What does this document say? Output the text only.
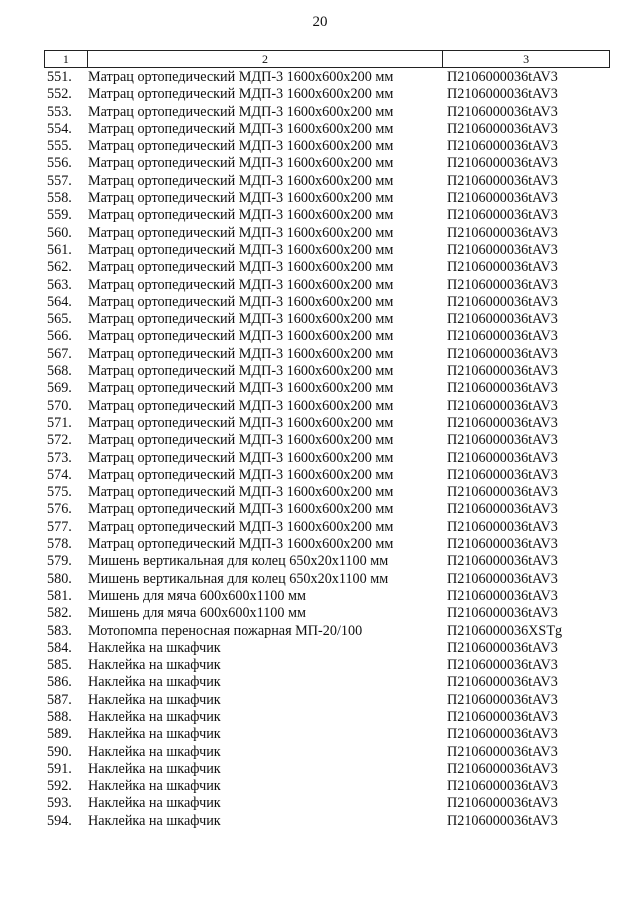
20
1	2	3
551.	Матрац ортопедический МДП-3 1600x600x200 мм	П2106000036tAV3
552.	Матрац ортопедический МДП-3 1600x600x200 мм	П2106000036tAV3
553.	Матрац ортопедический МДП-3 1600x600x200 мм	П2106000036tAV3
554.	Матрац ортопедический МДП-3 1600x600x200 мм	П2106000036tAV3
555.	Матрац ортопедический МДП-3 1600x600x200 мм	П2106000036tAV3
556.	Матрац ортопедический МДП-3 1600x600x200 мм	П2106000036tAV3
557.	Матрац ортопедический МДП-3 1600x600x200 мм	П2106000036tAV3
558.	Матрац ортопедический МДП-3 1600x600x200 мм	П2106000036tAV3
559.	Матрац ортопедический МДП-3 1600x600x200 мм	П2106000036tAV3
560.	Матрац ортопедический МДП-3 1600x600x200 мм	П2106000036tAV3
561.	Матрац ортопедический МДП-3 1600x600x200 мм	П2106000036tAV3
562.	Матрац ортопедический МДП-3 1600x600x200 мм	П2106000036tAV3
563.	Матрац ортопедический МДП-3 1600x600x200 мм	П2106000036tAV3
564.	Матрац ортопедический МДП-3 1600x600x200 мм	П2106000036tAV3
565.	Матрац ортопедический МДП-3 1600x600x200 мм	П2106000036tAV3
566.	Матрац ортопедический МДП-3 1600x600x200 мм	П2106000036tAV3
567.	Матрац ортопедический МДП-3 1600x600x200 мм	П2106000036tAV3
568.	Матрац ортопедический МДП-3 1600x600x200 мм	П2106000036tAV3
569.	Матрац ортопедический МДП-3 1600x600x200 мм	П2106000036tAV3
570.	Матрац ортопедический МДП-3 1600x600x200 мм	П2106000036tAV3
571.	Матрац ортопедический МДП-3 1600x600x200 мм	П2106000036tAV3
572.	Матрац ортопедический МДП-3 1600x600x200 мм	П2106000036tAV3
573.	Матрац ортопедический МДП-3 1600x600x200 мм	П2106000036tAV3
574.	Матрац ортопедический МДП-3 1600x600x200 мм	П2106000036tAV3
575.	Матрац ортопедический МДП-3 1600x600x200 мм	П2106000036tAV3
576.	Матрац ортопедический МДП-3 1600x600x200 мм	П2106000036tAV3
577.	Матрац ортопедический МДП-3 1600x600x200 мм	П2106000036tAV3
578.	Матрац ортопедический МДП-3 1600x600x200 мм	П2106000036tAV3
579.	Мишень вертикальная для колец 650x20x1100 мм	П2106000036tAV3
580.	Мишень вертикальная для колец 650x20x1100 мм	П2106000036tAV3
581.	Мишень для мяча 600x600x1100 мм	П2106000036tAV3
582.	Мишень для мяча 600x600x1100 мм	П2106000036tAV3
583.	Мотопомпа переносная пожарная МП-20/100	П2106000036XSTg
584.	Наклейка на шкафчик	П2106000036tAV3
585.	Наклейка на шкафчик	П2106000036tAV3
586.	Наклейка на шкафчик	П2106000036tAV3
587.	Наклейка на шкафчик	П2106000036tAV3
588.	Наклейка на шкафчик	П2106000036tAV3
589.	Наклейка на шкафчик	П2106000036tAV3
590.	Наклейка на шкафчик	П2106000036tAV3
591.	Наклейка на шкафчик	П2106000036tAV3
592.	Наклейка на шкафчик	П2106000036tAV3
593.	Наклейка на шкафчик	П2106000036tAV3
594.	Наклейка на шкафчик	П2106000036tAV3
